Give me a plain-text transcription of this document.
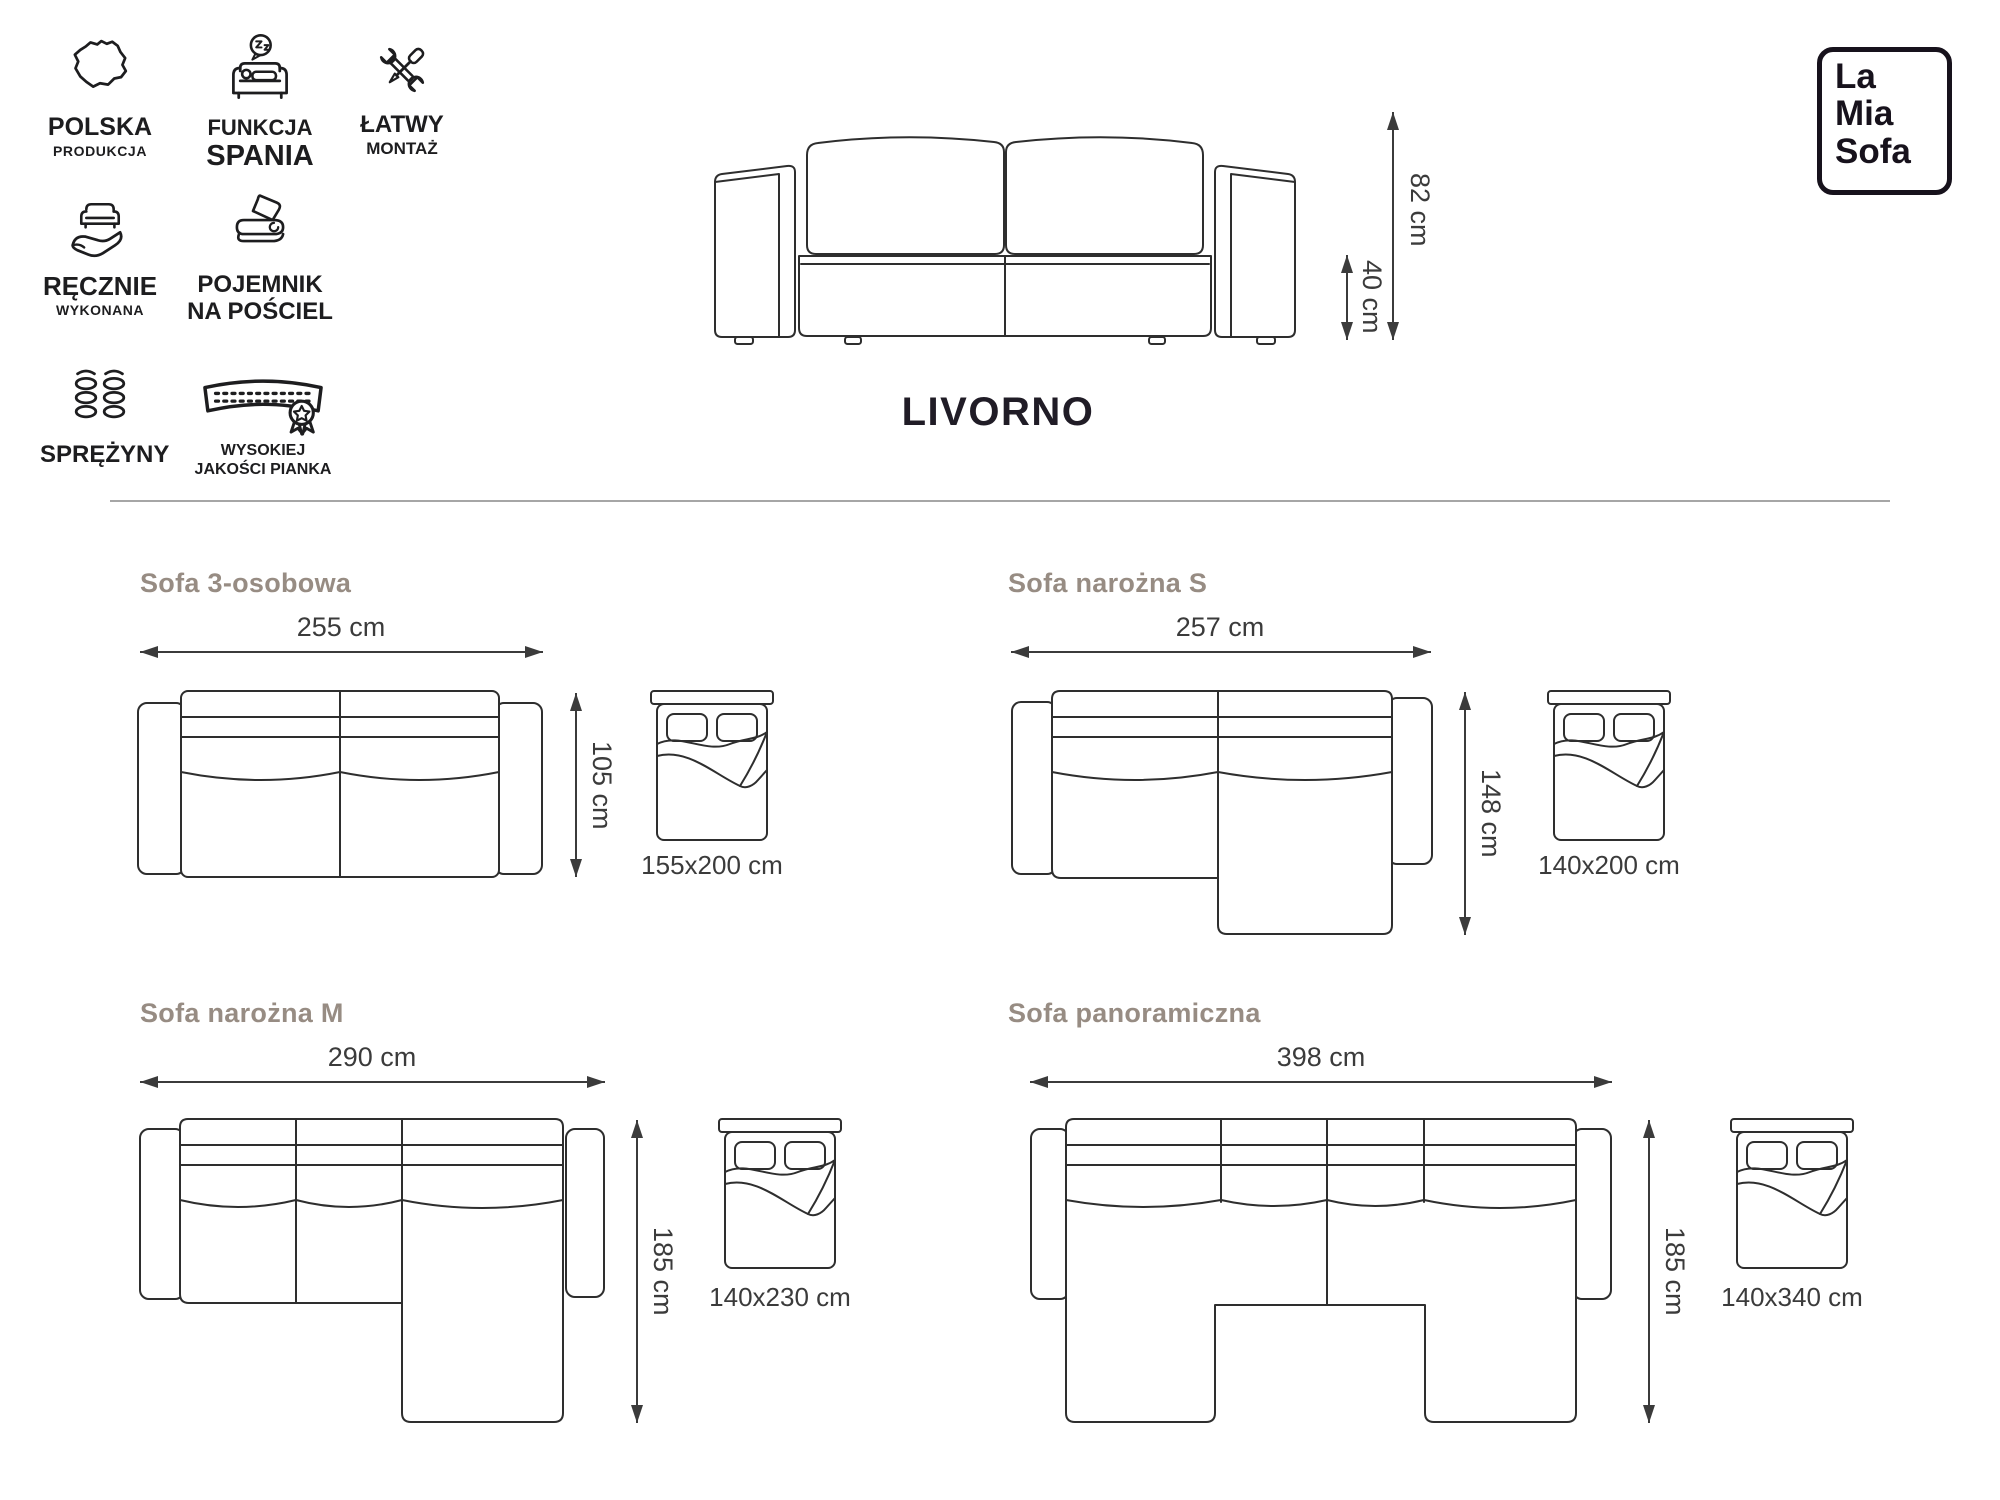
POLSKA
PRODUKCJA
FUNKCJA
SPANIA
ŁATWY
MONTAŻ
RĘCZNIE
WYKONANA
POJEMNIK
NA POŚCIEL
SPRĘŻYNY	WYSOKIEJ
JAKOŚCI PIANKA
82 cm
40 cm
LIVORNO
La
Mia
Sofa
Sofa 3-osobowa
255 cm
105 cm
155x200 cm
Sofa narożna S
257 cm
148 cm
140x200 cm
Sofa narożna M
290 cm
185 cm	140x230 cm
Sofa panoramiczna
398 cm
185 cm	140x340 cm
